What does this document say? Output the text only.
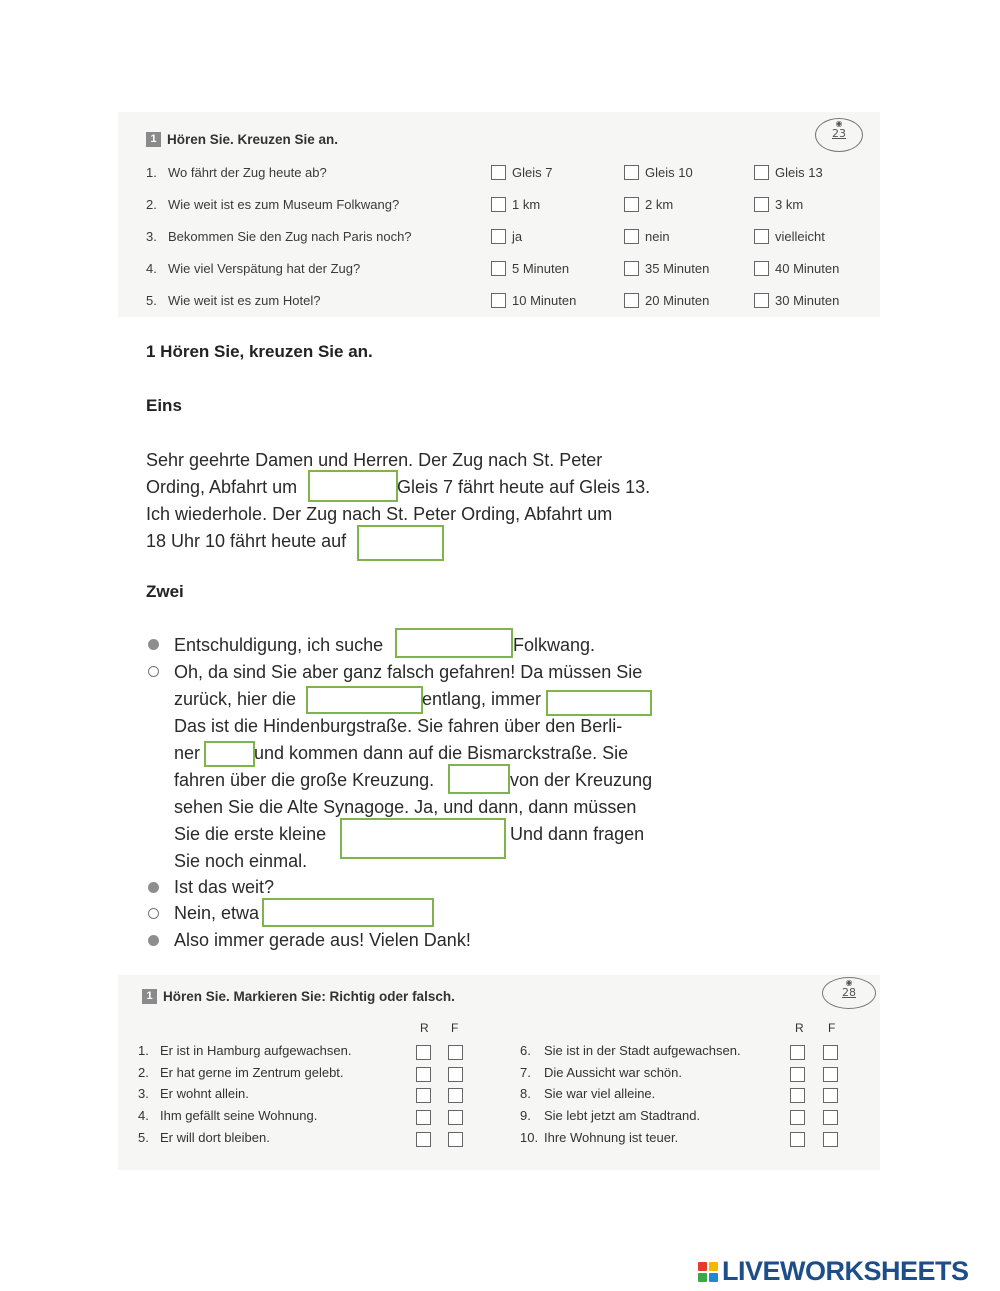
1 Hören Sie. Kreuzen Sie an.
◉
23
1. Wo fährt der Zug heute ab?	Gleis 7	Gleis 10	Gleis 13
2. Wie weit ist es zum Museum Folkwang?	1 km	2 km	3 km
3. Bekommen Sie den Zug nach Paris noch?	ja	nein	vielleicht
4. Wie viel Verspätung hat der Zug?	5 Minuten	35 Minuten	40 Minuten
5. Wie weit ist es zum Hotel?	10 Minuten	20 Minuten	30 Minuten
1 Hören Sie, kreuzen Sie an.
Eins
Sehr geehrte Damen und Herren. Der Zug nach St. Peter
Ording, Abfahrt um	Gleis 7 fährt heute auf Gleis 13.
Ich wiederhole. Der Zug nach St. Peter Ording, Abfahrt um
18 Uhr 10 fährt heute auf
Zwei
Entschuldigung, ich suche	Folkwang.
Oh, da sind Sie aber ganz falsch gefahren! Da müssen Sie
zurück, hier die	entlang, immer
Das ist die Hindenburgstraße. Sie fahren über den Berli-
ner	und kommen dann auf die Bismarckstraße. Sie
fahren über die große Kreuzung.	von der Kreuzung
sehen Sie die Alte Synagoge. Ja, und dann, dann müssen
Sie die erste kleine	Und dann fragen
Sie noch einmal.
Ist das weit?
Nein, etwa
Also immer gerade aus! Vielen Dank!
1 Hören Sie. Markieren Sie: Richtig oder falsch.
◉
28
R F	R F
1. Er ist in Hamburg aufgewachsen.
2. Er hat gerne im Zentrum gelebt.
3. Er wohnt allein.
4. Ihm gefällt seine Wohnung.
5. Er will dort bleiben.
6. Sie ist in der Stadt aufgewachsen.
7. Die Aussicht war schön.
8. Sie war viel alleine.
9. Sie lebt jetzt am Stadtrand.
10. Ihre Wohnung ist teuer.
LIVEWORKSHEETS
